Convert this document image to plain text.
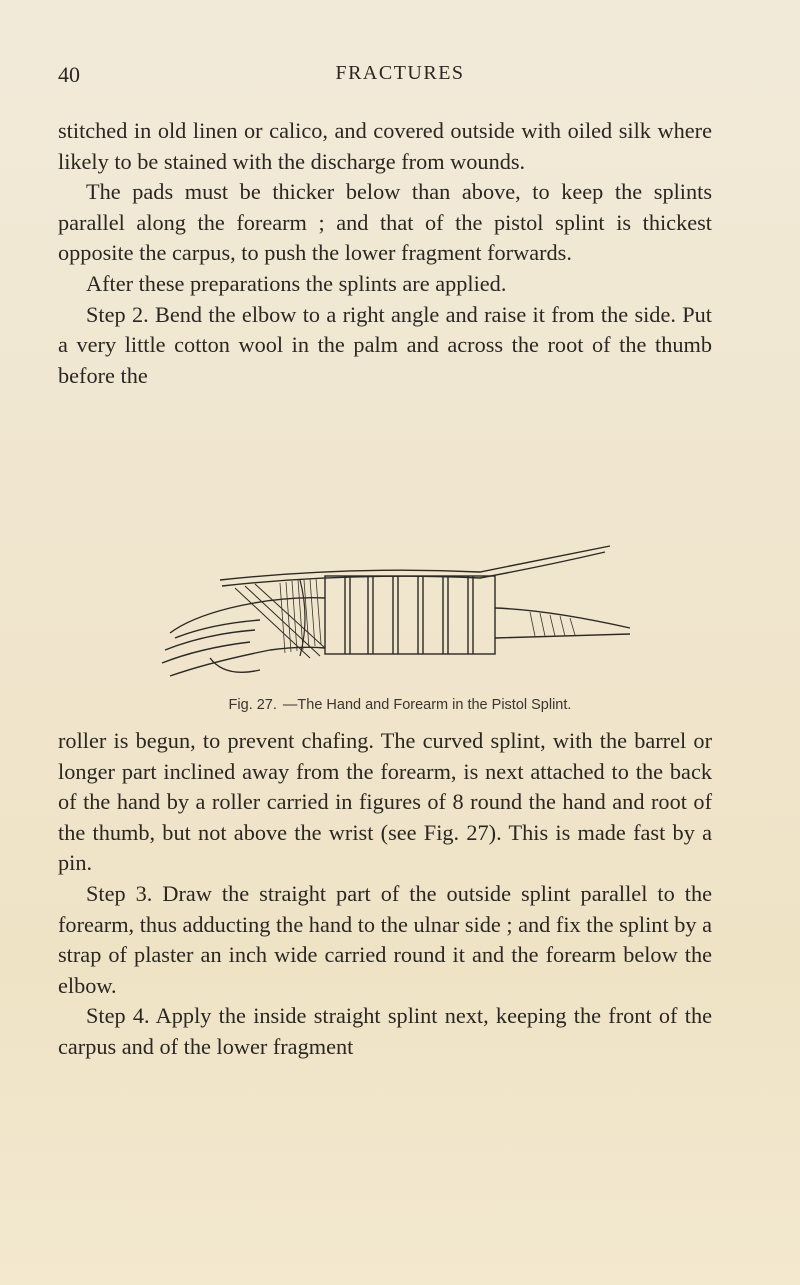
40	FRACTURES

stitched in old linen or calico, and covered outside with oiled silk where likely to be stained with the discharge from wounds.

The pads must be thicker below than above, to keep the splints parallel along the forearm ; and that of the pistol splint is thickest opposite the carpus, to push the lower fragment forwards.

After these preparations the splints are applied.

Step 2. Bend the elbow to a right angle and raise it from the side. Put a very little cotton wool in the palm and across the root of the thumb before the

Fig. 27. —The Hand and Forearm in the Pistol Splint.

roller is begun, to prevent chafing. The curved splint, with the barrel or longer part inclined away from the forearm, is next attached to the back of the hand by a roller carried in figures of 8 round the hand and root of the thumb, but not above the wrist (see Fig. 27). This is made fast by a pin.

Step 3. Draw the straight part of the outside splint parallel to the forearm, thus adducting the hand to the ulnar side ; and fix the splint by a strap of plaster an inch wide carried round it and the forearm below the elbow.

Step 4. Apply the inside straight splint next, keeping the front of the carpus and of the lower fragment
